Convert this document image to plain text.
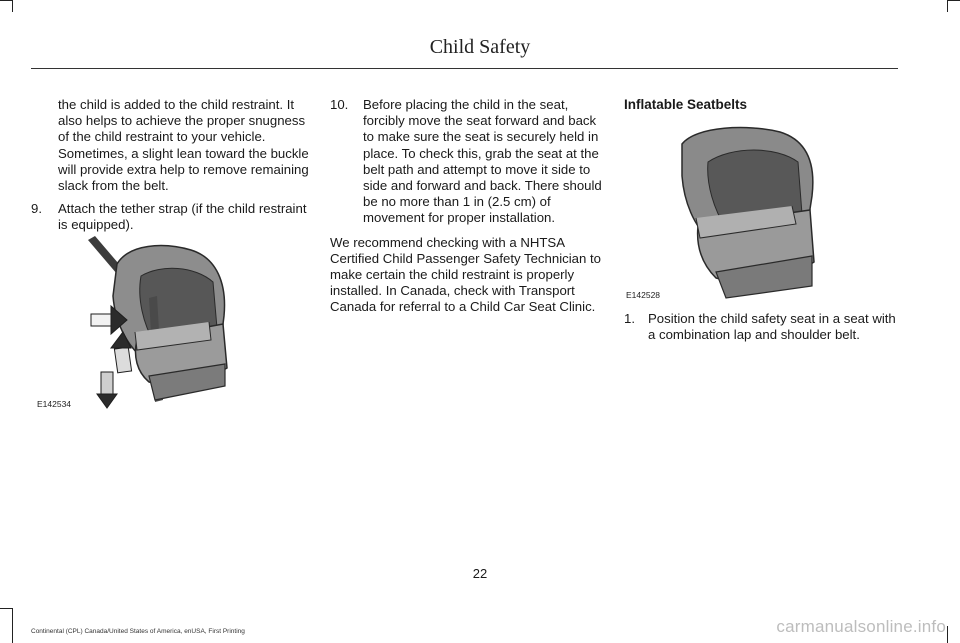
Child Safety

the child is added to the child restraint. It also helps to achieve the proper snugness of the child restraint to your vehicle. Sometimes, a slight lean toward the buckle will provide extra help to remove remaining slack from the belt.

9.	Attach the tether strap (if the child restraint is equipped).
E142534
10.	Before placing the child in the seat, forcibly move the seat forward and back to make sure the seat is securely held in place. To check this, grab the seat at the belt path and attempt to move it side to side and forward and back. There should be no more than 1 in (2.5 cm) of movement for proper installation.

We recommend checking with a NHTSA Certified Child Passenger Safety Technician to make certain the child restraint is properly installed. In Canada, check with Transport Canada for referral to a Child Car Seat Clinic.

Inflatable Seatbelts

E142528
1. Position the child safety seat in a seat with a combination lap and shoulder belt.
22
Continental (CPL) Canada/United States of America, enUSA, First Printing	carmanualsonline.info
